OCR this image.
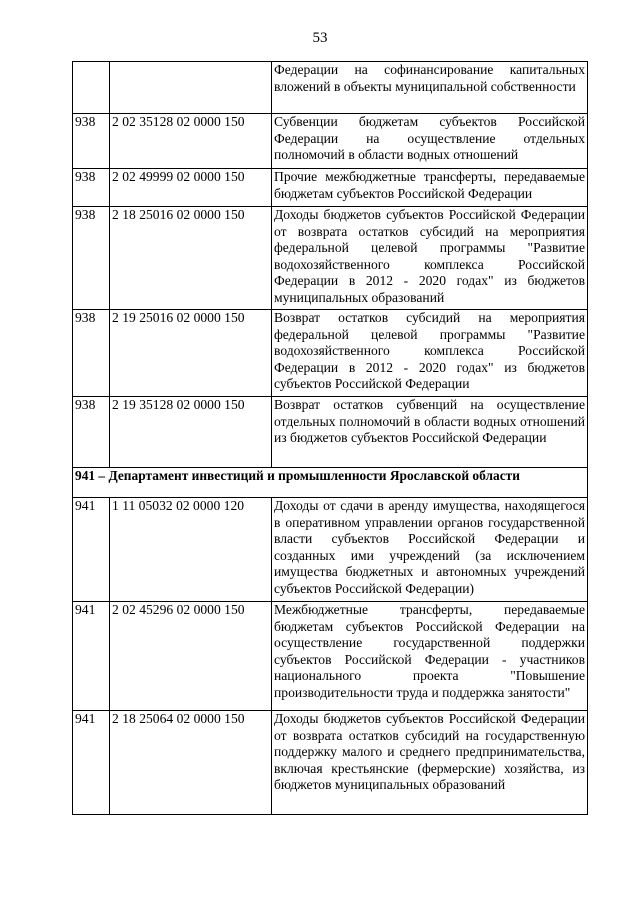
53
		Федерации на софинансирование капитальных вложений в объекты муниципальной собственности
938	2 02 35128 02 0000 150	Субвенции бюджетам субъектов Российской Федерации на осуществление отдельных полномочий в области водных отношений
938	2 02 49999 02 0000 150	Прочие межбюджетные трансферты, передаваемые бюджетам субъектов Российской Федерации
938	2 18 25016 02 0000 150	Доходы бюджетов субъектов Российской Федерации от возврата остатков субсидий на мероприятия федеральной целевой программы "Развитие водохозяйственного комплекса Российской Федерации в 2012 - 2020 годах" из бюджетов муниципальных образований
938	2 19 25016 02 0000 150	Возврат остатков субсидий на мероприятия федеральной целевой программы "Развитие водохозяйственного комплекса Российской Федерации в 2012 - 2020 годах" из бюджетов субъектов Российской Федерации
938	2 19 35128 02 0000 150	Возврат остатков субвенций на осуществление отдельных полномочий в области водных отношений из бюджетов субъектов Российской Федерации
941 – Департамент инвестиций и промышленности Ярославской области		
941	1 11 05032 02 0000 120	Доходы от сдачи в аренду имущества, находящегося в оперативном управлении органов государственной власти субъектов Российской Федерации и созданных ими учреждений (за исключением имущества бюджетных и автономных учреждений субъектов Российской Федерации)
941	2 02 45296 02 0000 150	Межбюджетные трансферты, передаваемые бюджетам субъектов Российской Федерации на осуществление государственной поддержки субъектов Российской Федерации - участников национального проекта "Повышение производительности труда и поддержка занятости"
941	2 18 25064 02 0000 150	Доходы бюджетов субъектов Российской Федерации от возврата остатков субсидий на государственную поддержку малого и среднего предпринимательства, включая крестьянские (фермерские) хозяйства, из бюджетов муниципальных образований
